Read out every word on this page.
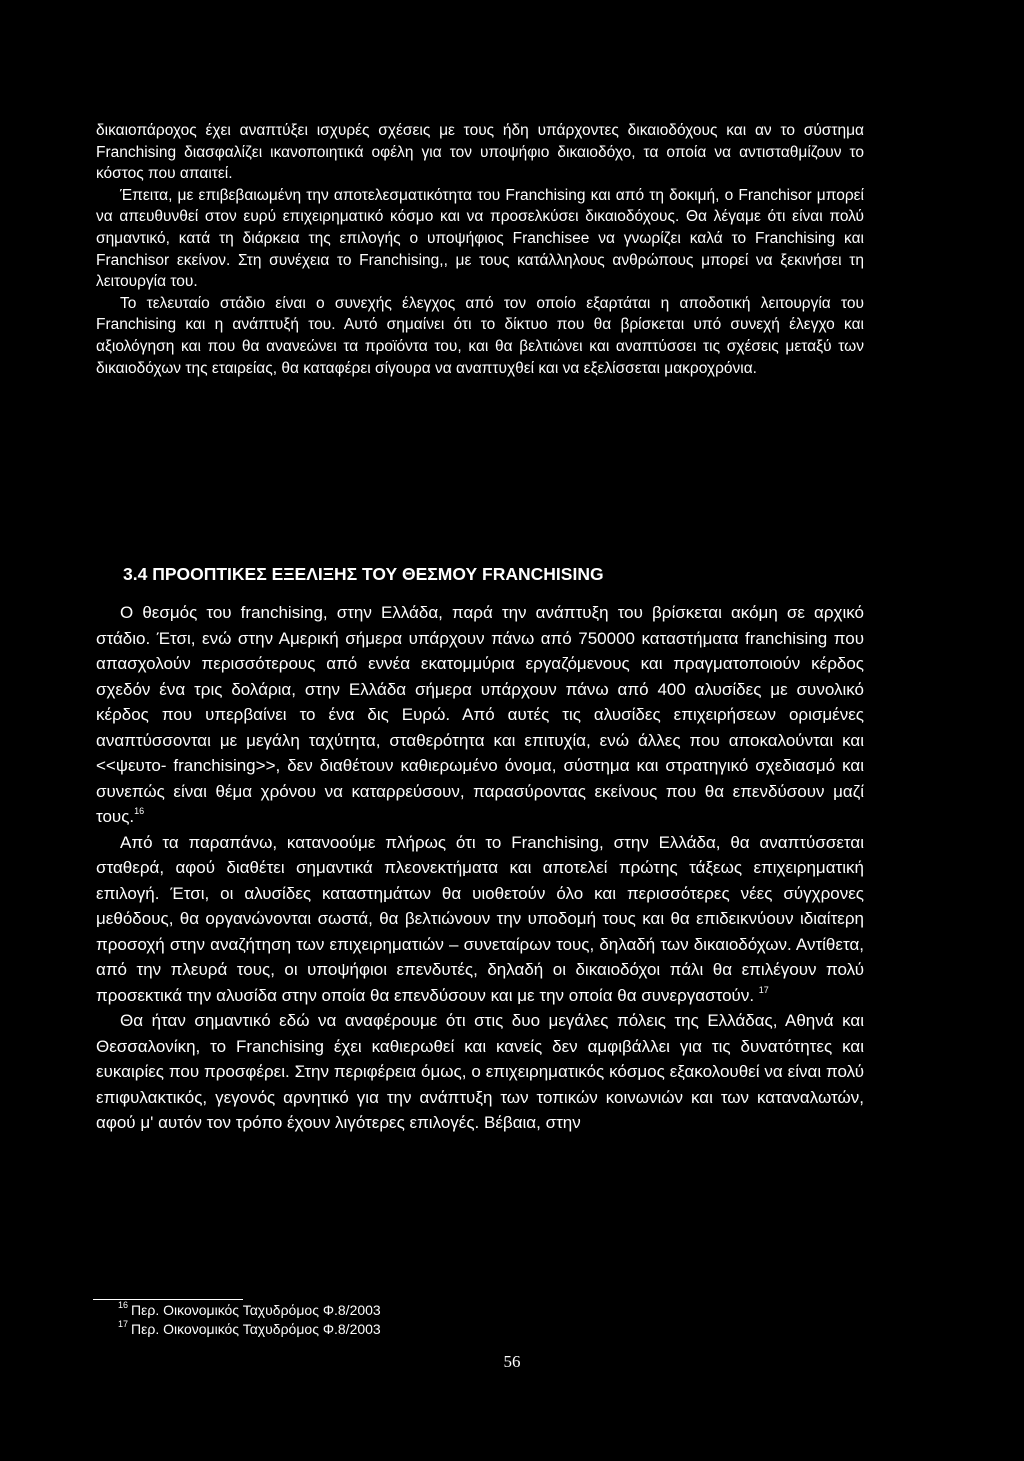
δικαιοπάροχος έχει αναπτύξει ισχυρές σχέσεις με τους ήδη υπάρχοντες δικαιοδόχους και αν το σύστημα Franchising διασφαλίζει ικανοποιητικά οφέλη για τον υποψήφιο δικαιοδόχο, τα οποία να αντισταθμίζουν το κόστος που απαιτεί.

Έπειτα, με επιβεβαιωμένη την αποτελεσματικότητα του Franchising και από τη δοκιμή, ο Franchisor μπορεί να απευθυνθεί στον ευρύ επιχειρηματικό κόσμο και να προσελκύσει δικαιοδόχους. Θα λέγαμε ότι είναι πολύ σημαντικό, κατά τη διάρκεια της επιλογής ο υποψήφιος Franchisee να γνωρίζει καλά το Franchising και Franchisor εκείνον. Στη συνέχεια το Franchising,, με τους κατάλληλους ανθρώπους μπορεί να ξεκινήσει τη λειτουργία του.

Το τελευταίο στάδιο είναι ο συνεχής έλεγχος από τον οποίο εξαρτάται η αποδοτική λειτουργία του Franchising και η ανάπτυξή του. Αυτό σημαίνει ότι το δίκτυο που θα βρίσκεται υπό συνεχή έλεγχο και αξιολόγηση και που θα ανανεώνει τα προϊόντα του, και θα βελτιώνει και αναπτύσσει τις σχέσεις μεταξύ των δικαιοδόχων της εταιρείας, θα καταφέρει σίγουρα να αναπτυχθεί και να εξελίσσεται μακροχρόνια.

3.4 ΠΡΟΟΠΤΙΚΕΣ ΕΞΕΛΙΞΗΣ ΤΟΥ ΘΕΣΜΟΥ FRANCHISING

Ο θεσμός του franchising, στην Ελλάδα, παρά την ανάπτυξη του βρίσκεται ακόμη σε αρχικό στάδιο. Έτσι, ενώ στην Αμερική σήμερα υπάρχουν πάνω από 750000 καταστήματα franchising που απασχολούν περισσότερους από εννέα εκατομμύρια εργαζόμενους και πραγματοποιούν κέρδος σχεδόν ένα τρις δολάρια, στην Ελλάδα σήμερα υπάρχουν πάνω από 400 αλυσίδες με συνολικό κέρδος που υπερβαίνει το ένα δις Ευρώ. Από αυτές τις αλυσίδες επιχειρήσεων ορισμένες αναπτύσσονται με μεγάλη ταχύτητα, σταθερότητα και επιτυχία, ενώ άλλες που αποκαλούνται και <<ψευτο- franchising>>, δεν διαθέτουν καθιερωμένο όνομα, σύστημα και στρατηγικό σχεδιασμό και συνεπώς είναι θέμα χρόνου να καταρρεύσουν, παρασύροντας εκείνους που θα επενδύσουν μαζί τους.$^{16}$

Από τα παραπάνω, κατανοούμε πλήρως ότι το Franchising, στην Ελλάδα, θα αναπτύσσεται σταθερά, αφού διαθέτει σημαντικά πλεονεκτήματα και αποτελεί πρώτης τάξεως επιχειρηματική επιλογή. Έτσι, οι αλυσίδες καταστημάτων θα υιοθετούν όλο και περισσότερες νέες σύγχρονες μεθόδους, θα οργανώνονται σωστά, θα βελτιώνουν την υποδομή τους και θα επιδεικνύουν ιδιαίτερη προσοχή στην αναζήτηση των επιχειρηματιών – συνεταίρων τους, δηλαδή των δικαιοδόχων. Αντίθετα, από την πλευρά τους, οι υποψήφιοι επενδυτές, δηλαδή οι δικαιοδόχοι πάλι θα επιλέγουν πολύ προσεκτικά την αλυσίδα στην οποία θα επενδύσουν και με την οποία θα συνεργαστούν. $^{17}$

Θα ήταν σημαντικό εδώ να αναφέρουμε ότι στις δυο μεγάλες πόλεις της Ελλάδας, Αθηνά και Θεσσαλονίκη, το Franchising έχει καθιερωθεί και κανείς δεν αμφιβάλλει για τις δυνατότητες και ευκαιρίες που προσφέρει. Στην περιφέρεια όμως, ο επιχειρηματικός κόσμος εξακολουθεί να είναι πολύ επιφυλακτικός, γεγονός αρνητικό για την ανάπτυξη των τοπικών κοινωνιών και των καταναλωτών, αφού μ' αυτόν τον τρόπο έχουν λιγότερες επιλογές. Βέβαια, στην

$^{16}$ Περ. Οικονομικός Ταχυδρόμος Φ.8/2003

$^{17}$ Περ. Οικονομικός Ταχυδρόμος Φ.8/2003

56
